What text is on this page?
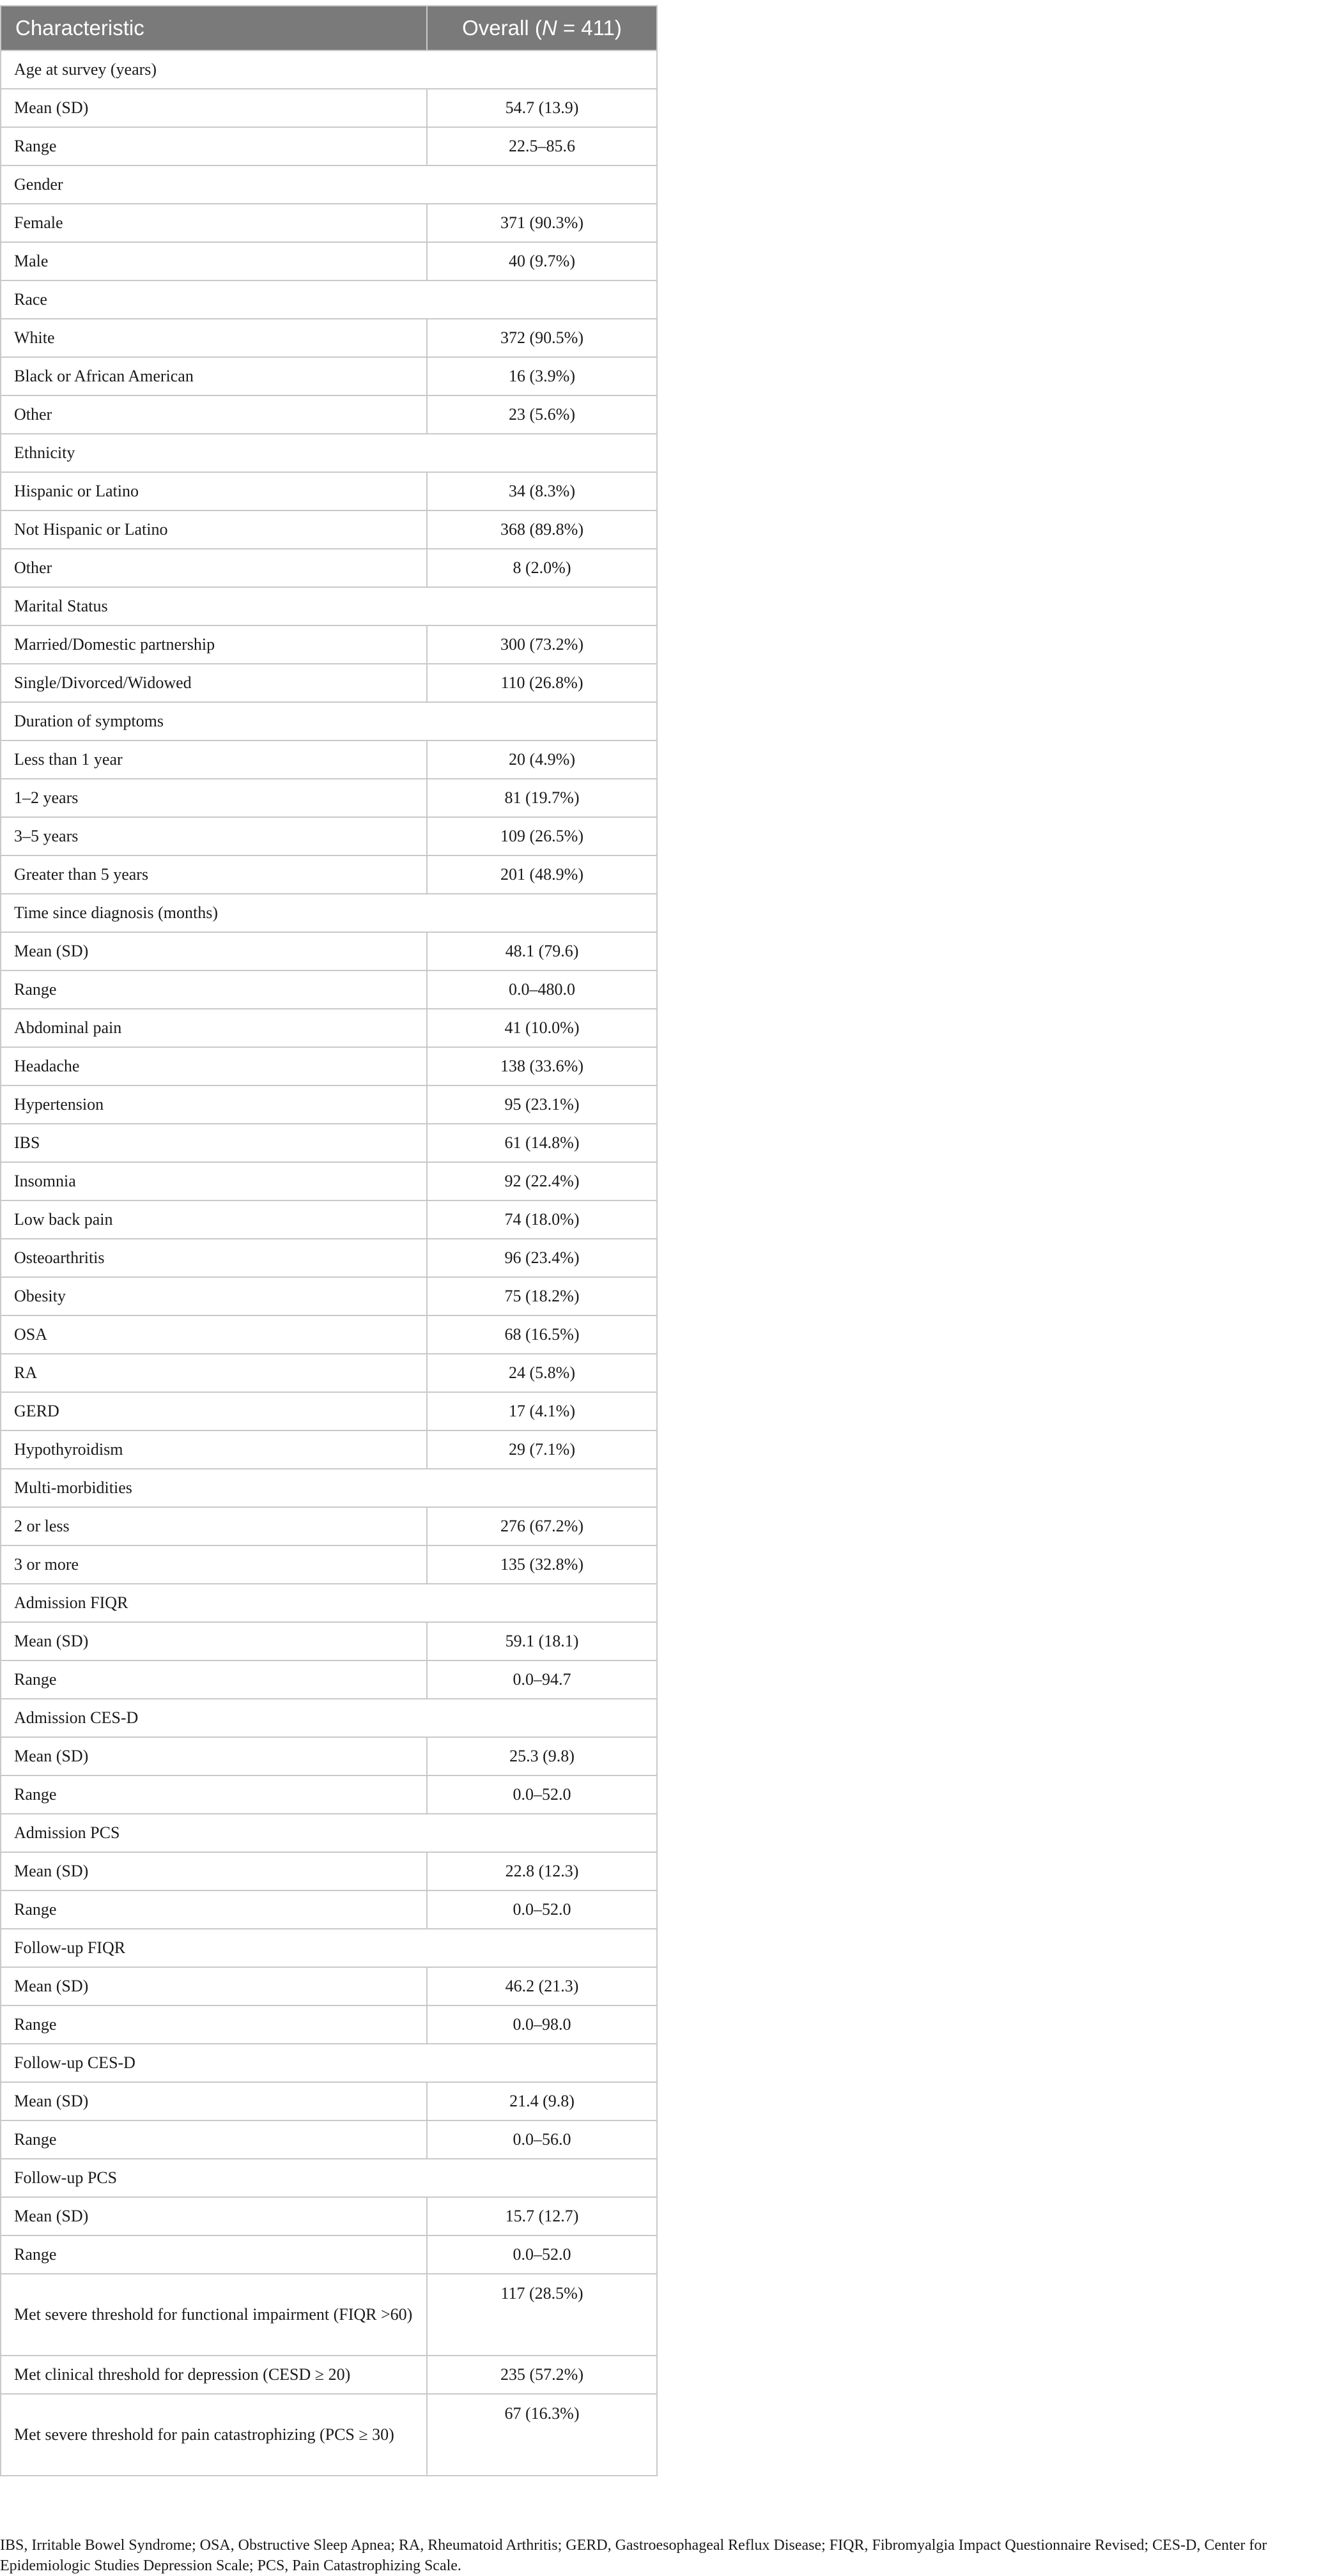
Characteristic	Overall (N = 411)
Age at survey (years)	
Mean (SD)	54.7 (13.9)
Range	22.5–85.6
Gender	
Female	371 (90.3%)
Male	40 (9.7%)
Race	
White	372 (90.5%)
Black or African American	16 (3.9%)
Other	23 (5.6%)
Ethnicity	
Hispanic or Latino	34 (8.3%)
Not Hispanic or Latino	368 (89.8%)
Other	8 (2.0%)
Marital Status	
Married/Domestic partnership	300 (73.2%)
Single/Divorced/Widowed	110 (26.8%)
Duration of symptoms	
Less than 1 year	20 (4.9%)
1–2 years	81 (19.7%)
3–5 years	109 (26.5%)
Greater than 5 years	201 (48.9%)
Time since diagnosis (months)	
Mean (SD)	48.1 (79.6)
Range	0.0–480.0
Abdominal pain	41 (10.0%)
Headache	138 (33.6%)
Hypertension	95 (23.1%)
IBS	61 (14.8%)
Insomnia	92 (22.4%)
Low back pain	74 (18.0%)
Osteoarthritis	96 (23.4%)
Obesity	75 (18.2%)
OSA	68 (16.5%)
RA	24 (5.8%)
GERD	17 (4.1%)
Hypothyroidism	29 (7.1%)
Multi-morbidities	
2 or less	276 (67.2%)
3 or more	135 (32.8%)
Admission FIQR	
Mean (SD)	59.1 (18.1)
Range	0.0–94.7
Admission CES-D	
Mean (SD)	25.3 (9.8)
Range	0.0–52.0
Admission PCS	
Mean (SD)	22.8 (12.3)
Range	0.0–52.0
Follow-up FIQR	
Mean (SD)	46.2 (21.3)
Range	0.0–98.0
Follow-up CES-D	
Mean (SD)	21.4 (9.8)
Range	0.0–56.0
Follow-up PCS	
Mean (SD)	15.7 (12.7)
Range	0.0–52.0
Met severe threshold for functional impairment (FIQR >60)	117 (28.5%)
Met clinical threshold for depression (CESD ≥ 20)	235 (57.2%)
Met severe threshold for pain catastrophizing (PCS ≥ 30)	67 (16.3%)
IBS, Irritable Bowel Syndrome; OSA, Obstructive Sleep Apnea; RA, Rheumatoid Arthritis; GERD, Gastroesophageal Reflux Disease; FIQR, Fibromyalgia Impact Questionnaire Revised; CES-D, Center for Epidemiologic Studies Depression Scale; PCS, Pain Catastrophizing Scale.
